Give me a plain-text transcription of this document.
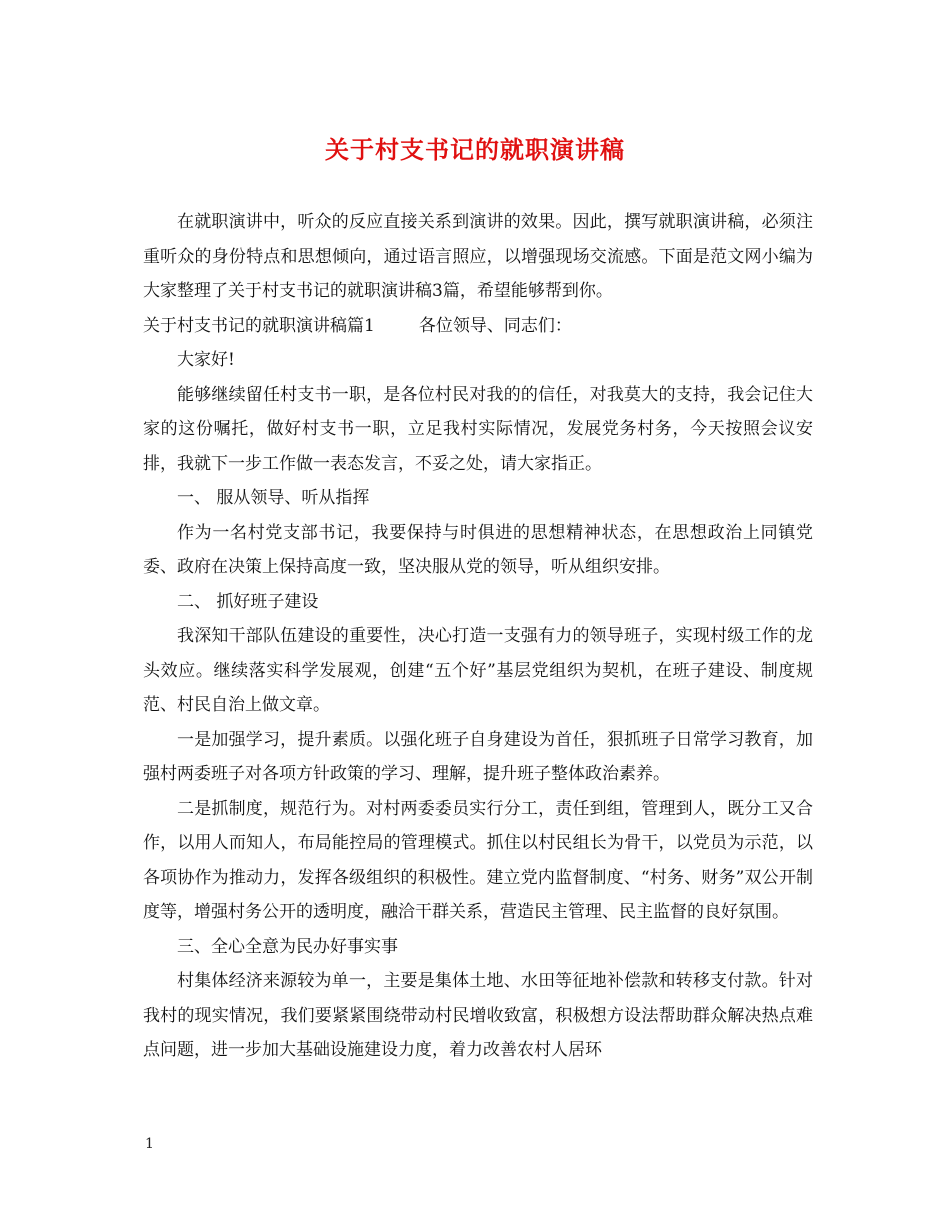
关于村支书记的就职演讲稿

在就职演讲中，听众的反应直接关系到演讲的效果。因此，撰写就职演讲稿，必须注重听众的身份特点和思想倾向，通过语言照应，以增强现场交流感。下面是范文网小编为大家整理了关于村支书记的就职演讲稿3篇，希望能够帮到你。

关于村支书记的就职演讲稿篇1	各位领导、同志们：

大家好!

能够继续留任村支书一职，是各位村民对我的的信任，对我莫大的支持，我会记住大家的这份嘱托，做好村支书一职，立足我村实际情况，发展党务村务，今天按照会议安排，我就下一步工作做一表态发言，不妥之处，请大家指正。

一、 服从领导、听从指挥

作为一名村党支部书记，我要保持与时俱进的思想精神状态，在思想政治上同镇党委、政府在决策上保持高度一致，坚决服从党的领导，听从组织安排。

二、 抓好班子建设

我深知干部队伍建设的重要性，决心打造一支强有力的领导班子，实现村级工作的龙头效应。继续落实科学发展观，创建“五个好”基层党组织为契机，在班子建设、制度规范、村民自治上做文章。

一是加强学习，提升素质。以强化班子自身建设为首任，狠抓班子日常学习教育，加强村两委班子对各项方针政策的学习、理解，提升班子整体政治素养。

二是抓制度，规范行为。对村两委委员实行分工，责任到组，管理到人，既分工又合作，以用人而知人，布局能控局的管理模式。抓住以村民组长为骨干，以党员为示范，以各项协作为推动力，发挥各级组织的积极性。建立党内监督制度、“村务、财务”双公开制度等，增强村务公开的透明度，融洽干群关系，营造民主管理、民主监督的良好氛围。

三、全心全意为民办好事实事

村集体经济来源较为单一，主要是集体土地、水田等征地补偿款和转移支付款。针对我村的现实情况，我们要紧紧围绕带动村民增收致富，积极想方设法帮助群众解决热点难点问题，进一步加大基础设施建设力度，着力改善农村人居环

1
